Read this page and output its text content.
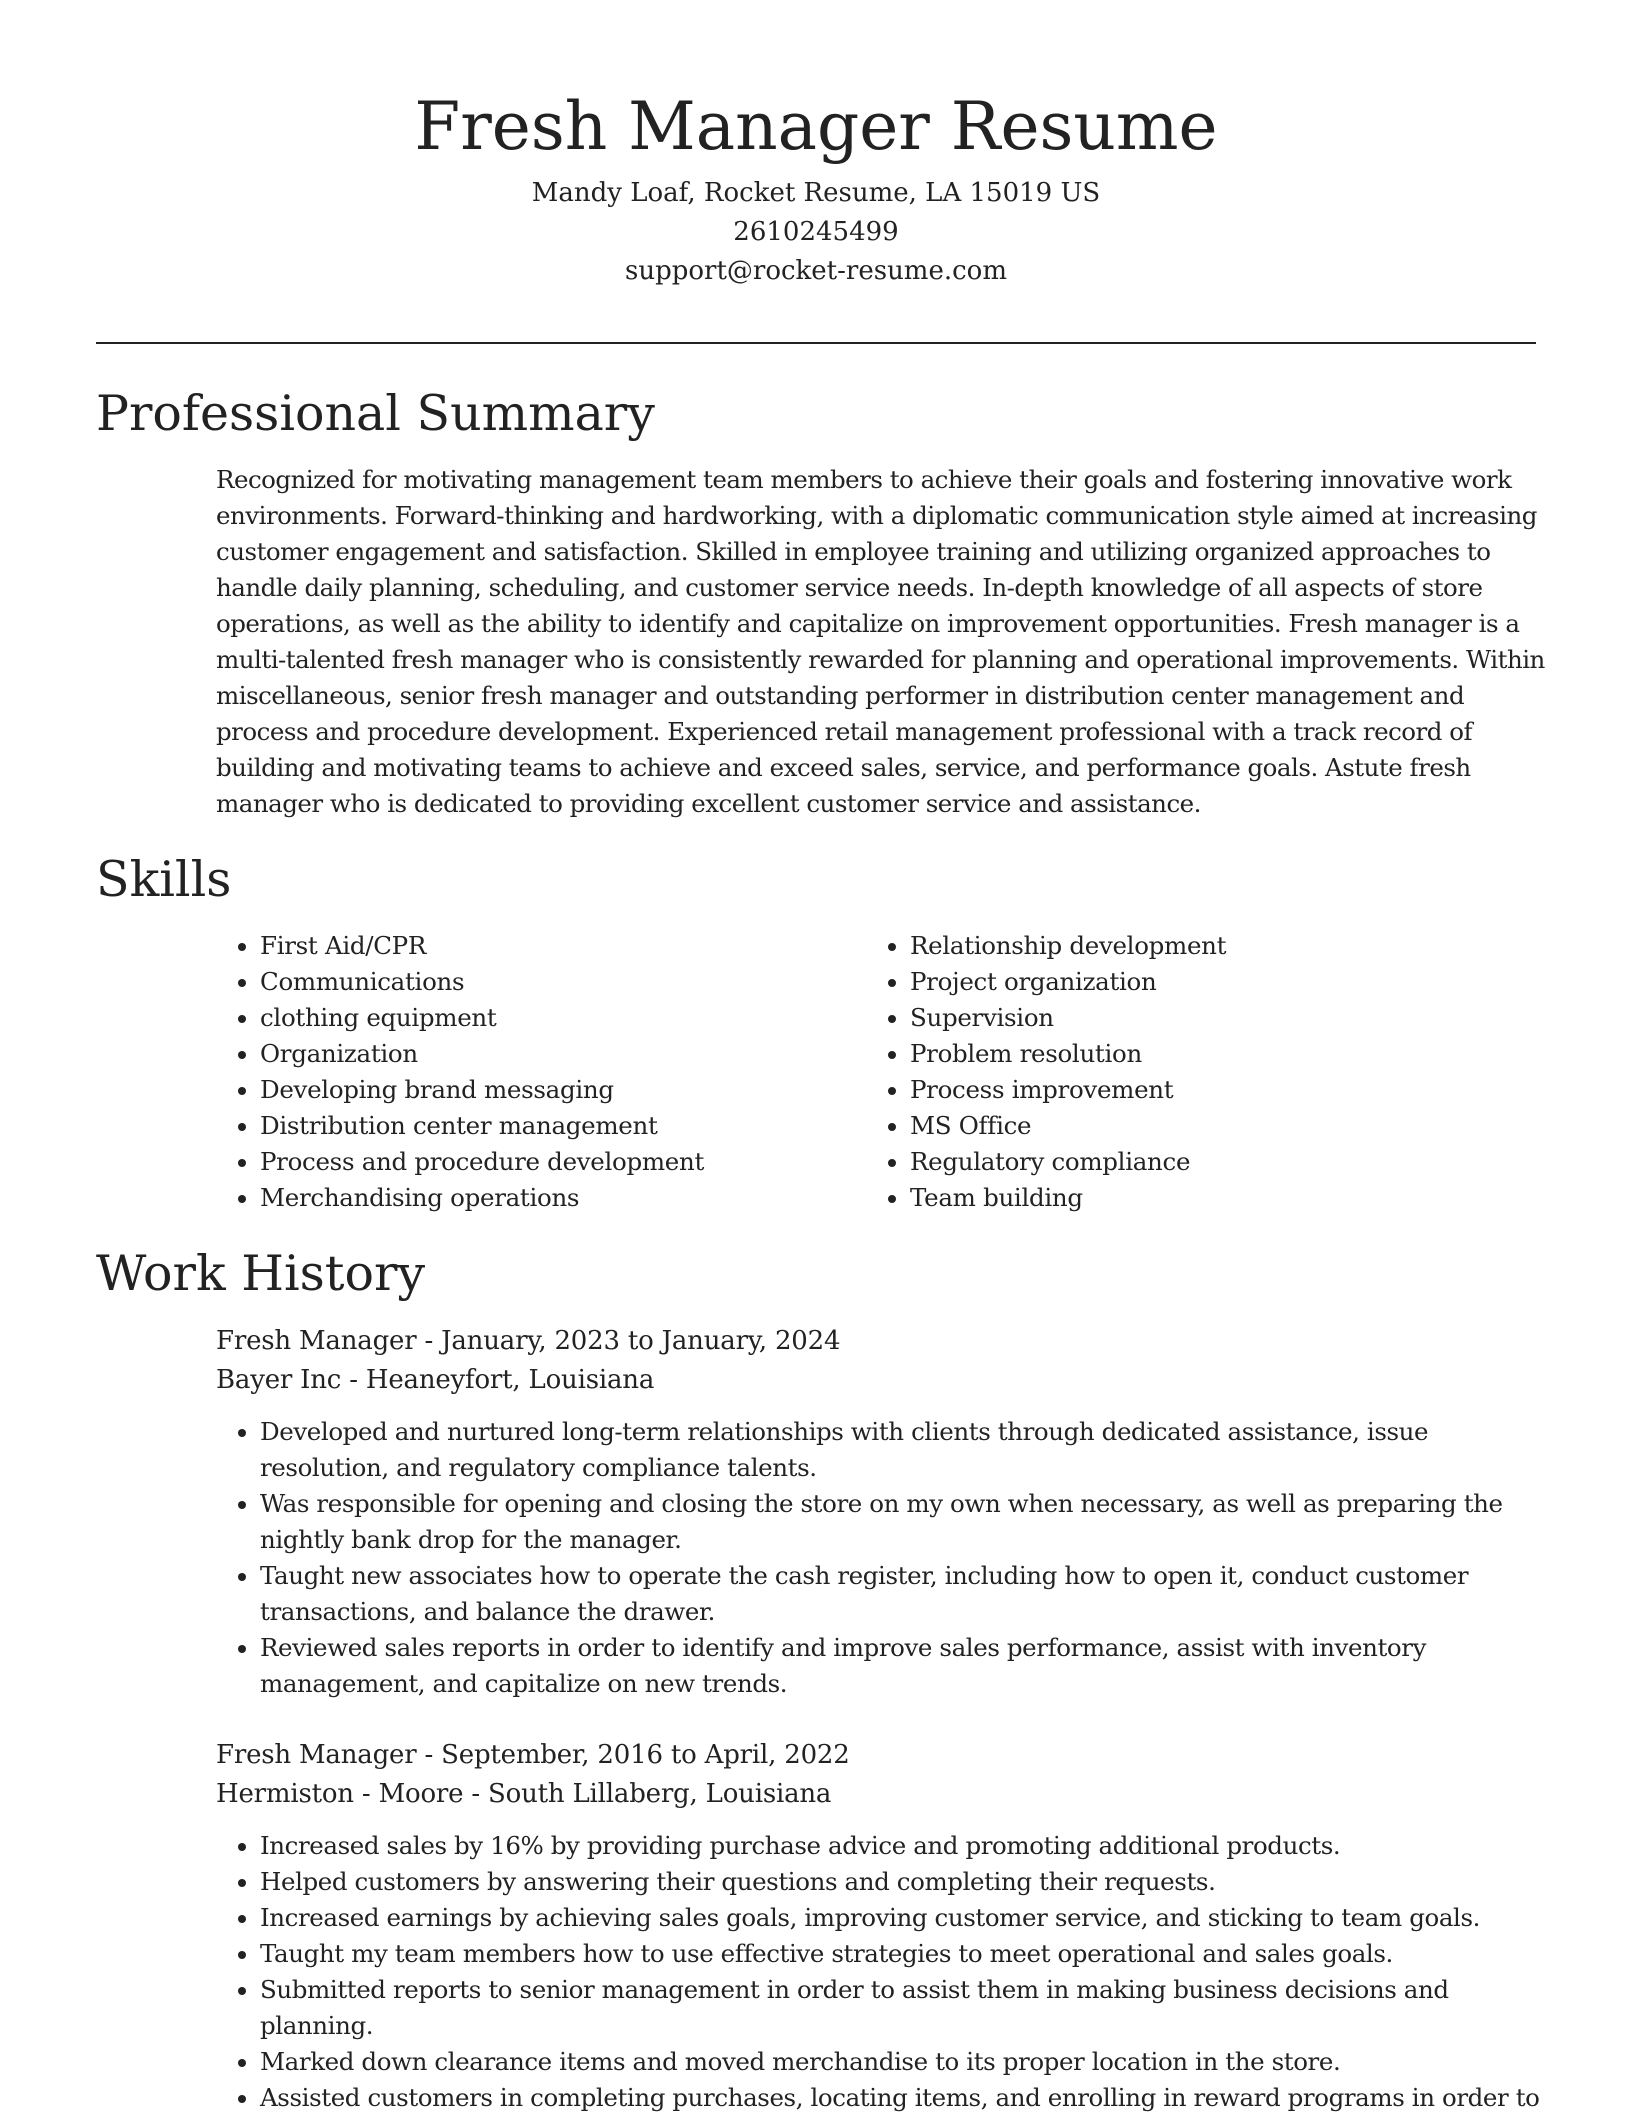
Fresh Manager Resume
Mandy Loaf, Rocket Resume, LA 15019 US
2610245499
support@rocket-resume.com
Professional Summary
Recognized for motivating management team members to achieve their goals and fostering innovative work environments. Forward-thinking and hardworking, with a diplomatic communication style aimed at increasing customer engagement and satisfaction. Skilled in employee training and utilizing organized approaches to handle daily planning, scheduling, and customer service needs. In-depth knowledge of all aspects of store operations, as well as the ability to identify and capitalize on improvement opportunities. Fresh manager is a multi-talented fresh manager who is consistently rewarded for planning and operational improvements. Within miscellaneous, senior fresh manager and outstanding performer in distribution center management and process and procedure development. Experienced retail management professional with a track record of building and motivating teams to achieve and exceed sales, service, and performance goals. Astute fresh manager who is dedicated to providing excellent customer service and assistance.
Skills
• First Aid/CPR
• Communications
• clothing equipment
• Organization
• Developing brand messaging
• Distribution center management
• Process and procedure development
• Merchandising operations
• Relationship development
• Project organization
• Supervision
• Problem resolution
• Process improvement
• MS Office
• Regulatory compliance
• Team building
Work History
Fresh Manager - January, 2023 to January, 2024
Bayer Inc - Heaneyfort, Louisiana
• Developed and nurtured long-term relationships with clients through dedicated assistance, issue resolution, and regulatory compliance talents.
• Was responsible for opening and closing the store on my own when necessary, as well as preparing the nightly bank drop for the manager.
• Taught new associates how to operate the cash register, including how to open it, conduct customer transactions, and balance the drawer.
• Reviewed sales reports in order to identify and improve sales performance, assist with inventory management, and capitalize on new trends.
Fresh Manager - September, 2016 to April, 2022
Hermiston - Moore - South Lillaberg, Louisiana
• Increased sales by 16% by providing purchase advice and promoting additional products.
• Helped customers by answering their questions and completing their requests.
• Increased earnings by achieving sales goals, improving customer service, and sticking to team goals.
• Taught my team members how to use effective strategies to meet operational and sales goals.
• Submitted reports to senior management in order to assist them in making business decisions and planning.
• Marked down clearance items and moved merchandise to its proper location in the store.
• Assisted customers in completing purchases, locating items, and enrolling in reward programs in order to
